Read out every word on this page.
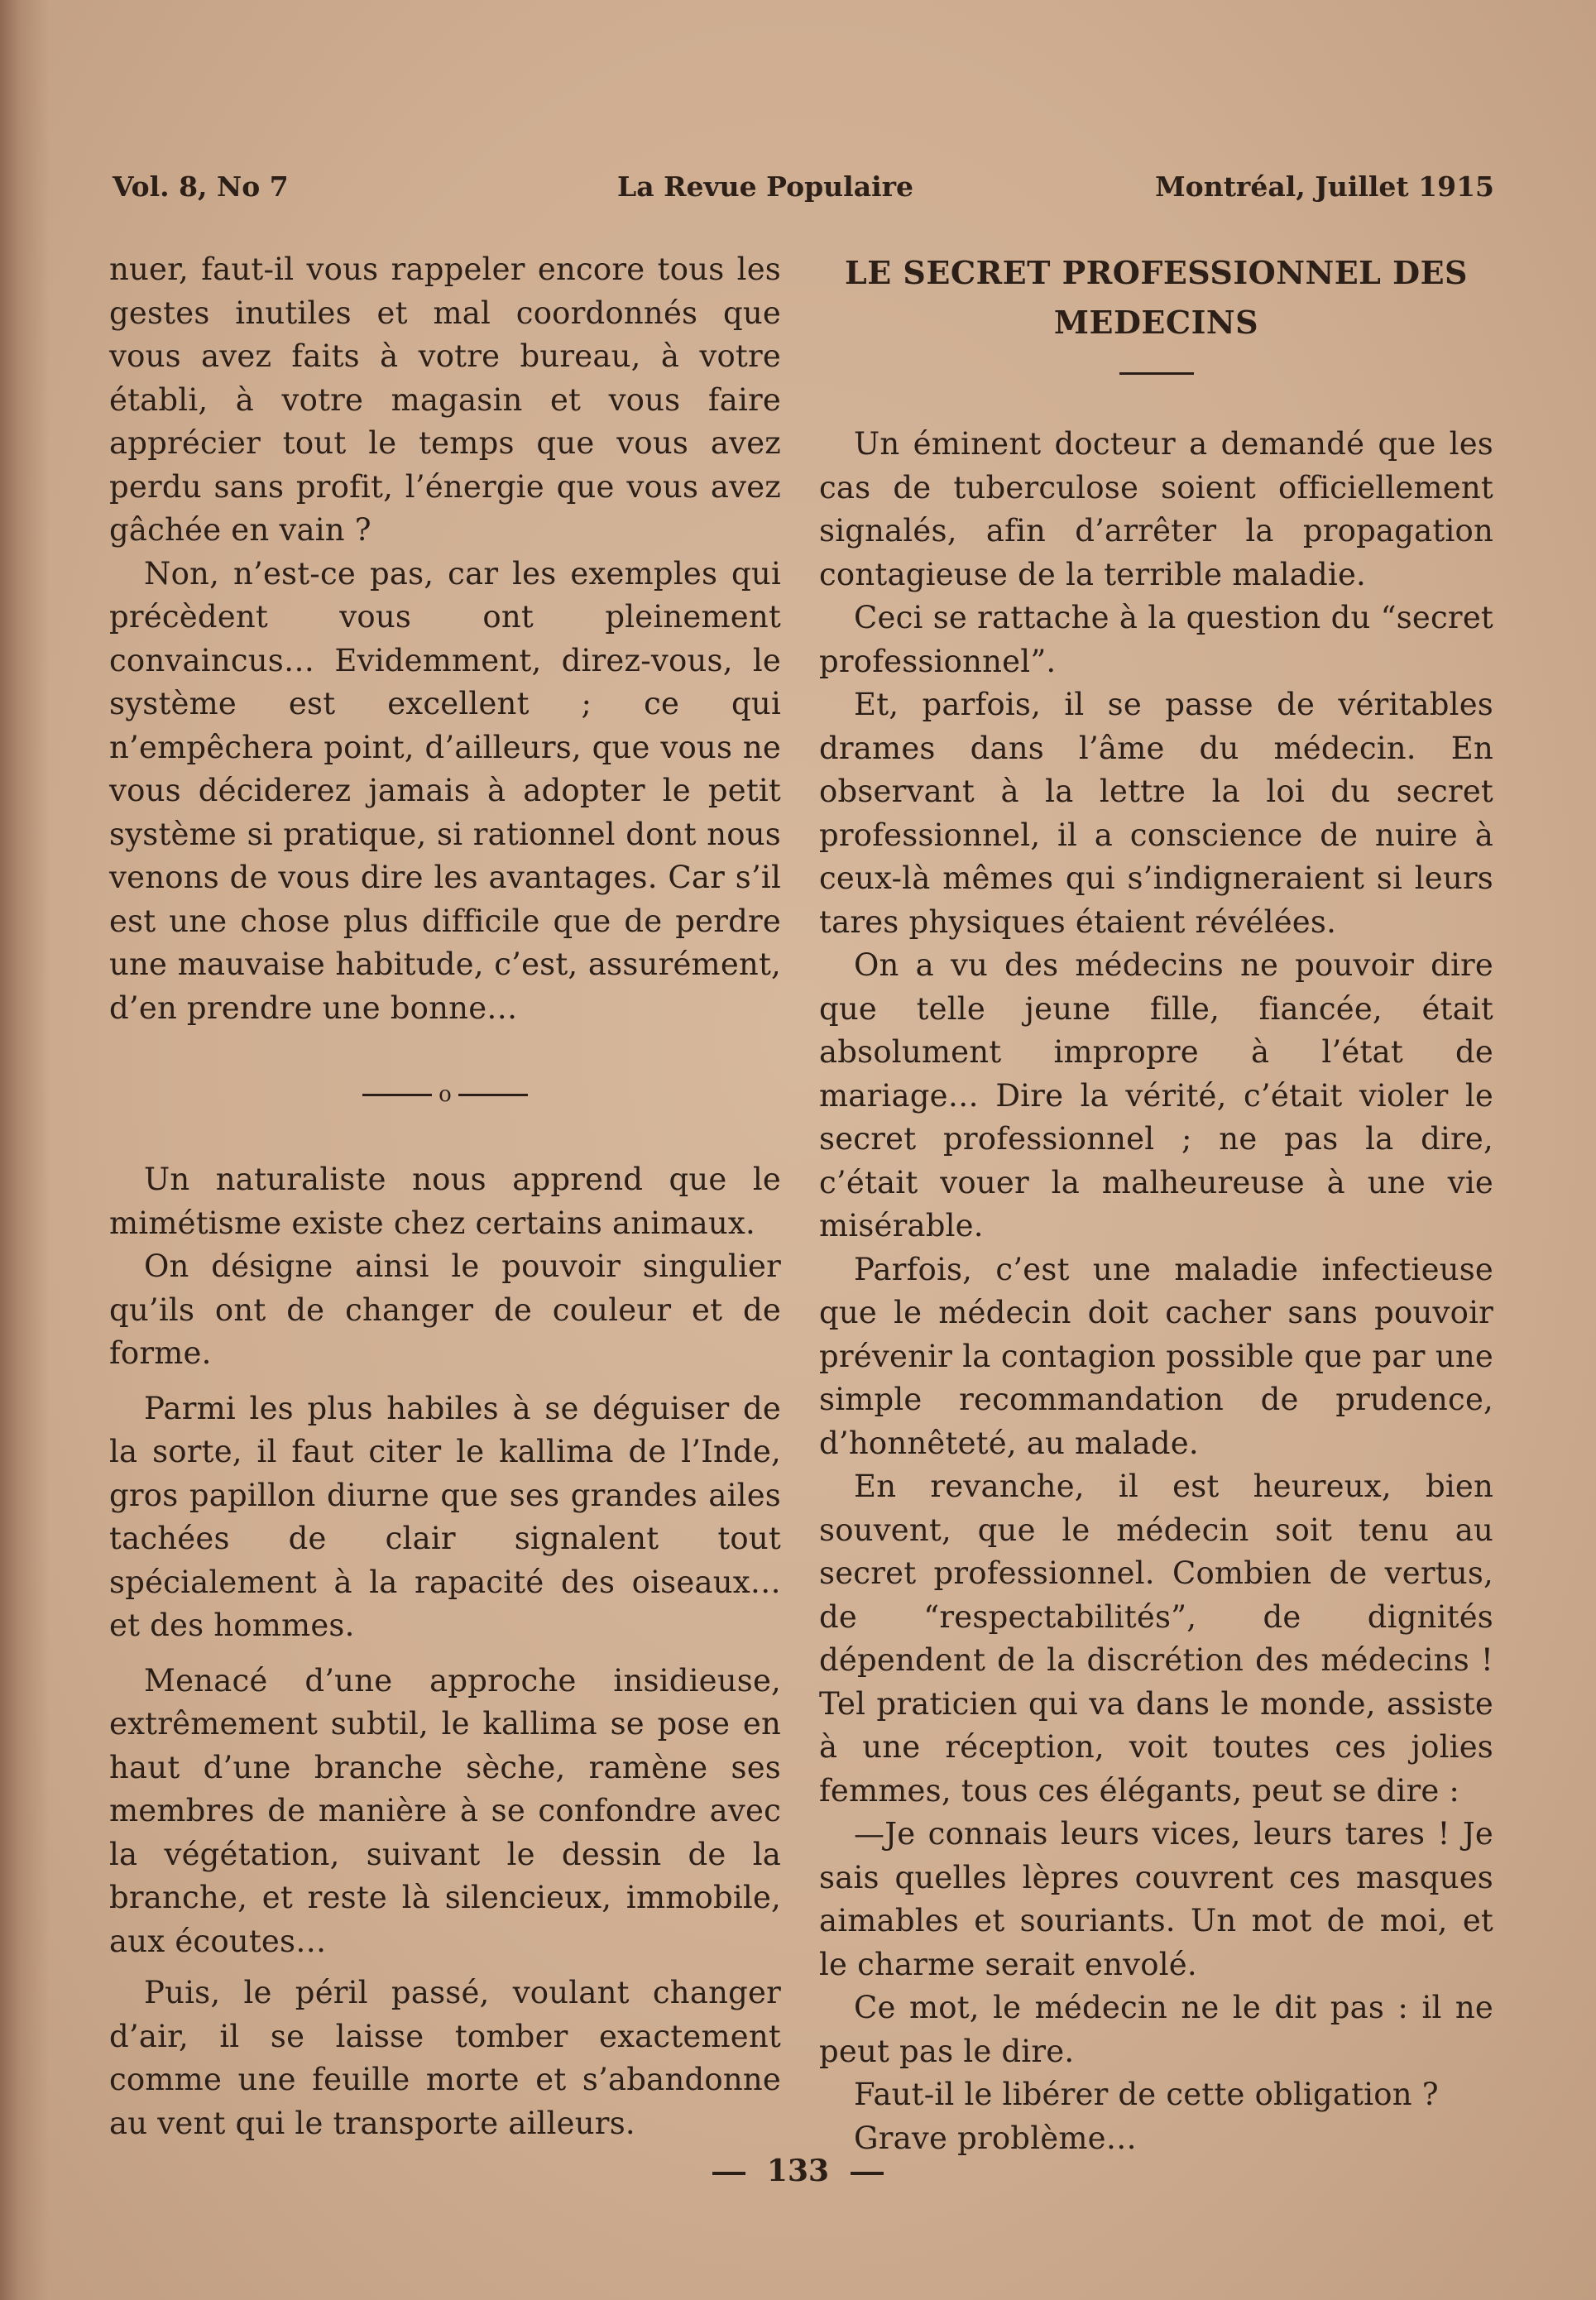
Vol. 8, No 7	La Revue Populaire	Montréal, Juillet 1915

nuer, faut-il vous rappeler encore tous les gestes inutiles et mal coordonnés que vous avez faits à votre bureau, à votre établi, à votre magasin et vous faire apprécier tout le temps que vous avez perdu sans profit, l’énergie que vous avez gâchée en vain ?

Non, n’est-ce pas, car les exemples qui précèdent vous ont pleinement convaincus… Evidemment, direz-vous, le système est excellent ; ce qui n’empêchera point, d’ailleurs, que vous ne vous déciderez jamais à adopter le petit système si pratique, si rationnel dont nous venons de vous dire les avantages. Car s’il est une chose plus difficile que de perdre une mauvaise habitude, c’est, assurément, d’en prendre une bonne…

o

Un naturaliste nous apprend que le mimétisme existe chez certains animaux.

On désigne ainsi le pouvoir singulier qu’ils ont de changer de couleur et de forme.

Parmi les plus habiles à se déguiser de la sorte, il faut citer le kallima de l’Inde, gros papillon diurne que ses grandes ailes tachées de clair signalent tout spécialement à la rapacité des oiseaux… et des hommes.

Menacé d’une approche insidieuse, extrêmement subtil, le kallima se pose en haut d’une branche sèche, ramène ses membres de manière à se confondre avec la végétation, suivant le dessin de la branche, et reste là silencieux, immobile, aux écoutes…

Puis, le péril passé, voulant changer d’air, il se laisse tomber exactement comme une feuille morte et s’abandonne au vent qui le transporte ailleurs.

LE SECRET PROFESSIONNEL DES MEDECINS

Un éminent docteur a demandé que les cas de tuberculose soient officiellement signalés, afin d’arrêter la propagation contagieuse de la terrible maladie.

Ceci se rattache à la question du “secret professionnel”.

Et, parfois, il se passe de véritables drames dans l’âme du médecin. En observant à la lettre la loi du secret professionnel, il a conscience de nuire à ceux-là mêmes qui s’indigneraient si leurs tares physiques étaient révélées.

On a vu des médecins ne pouvoir dire que telle jeune fille, fiancée, était absolument impropre à l’état de mariage… Dire la vérité, c’était violer le secret professionnel ; ne pas la dire, c’était vouer la malheureuse à une vie misérable.

Parfois, c’est une maladie infectieuse que le médecin doit cacher sans pouvoir prévenir la contagion possible que par une simple recommandation de prudence, d’honnêteté, au malade.

En revanche, il est heureux, bien souvent, que le médecin soit tenu au secret professionnel. Combien de vertus, de “respectabilités”, de dignités dépendent de la discrétion des médecins ! Tel praticien qui va dans le monde, assiste à une réception, voit toutes ces jolies femmes, tous ces élégants, peut se dire :

—Je connais leurs vices, leurs tares ! Je sais quelles lèpres couvrent ces masques aimables et souriants. Un mot de moi, et le charme serait envolé.

Ce mot, le médecin ne le dit pas : il ne peut pas le dire.

Faut-il le libérer de cette obligation ?

Grave problème…

133
